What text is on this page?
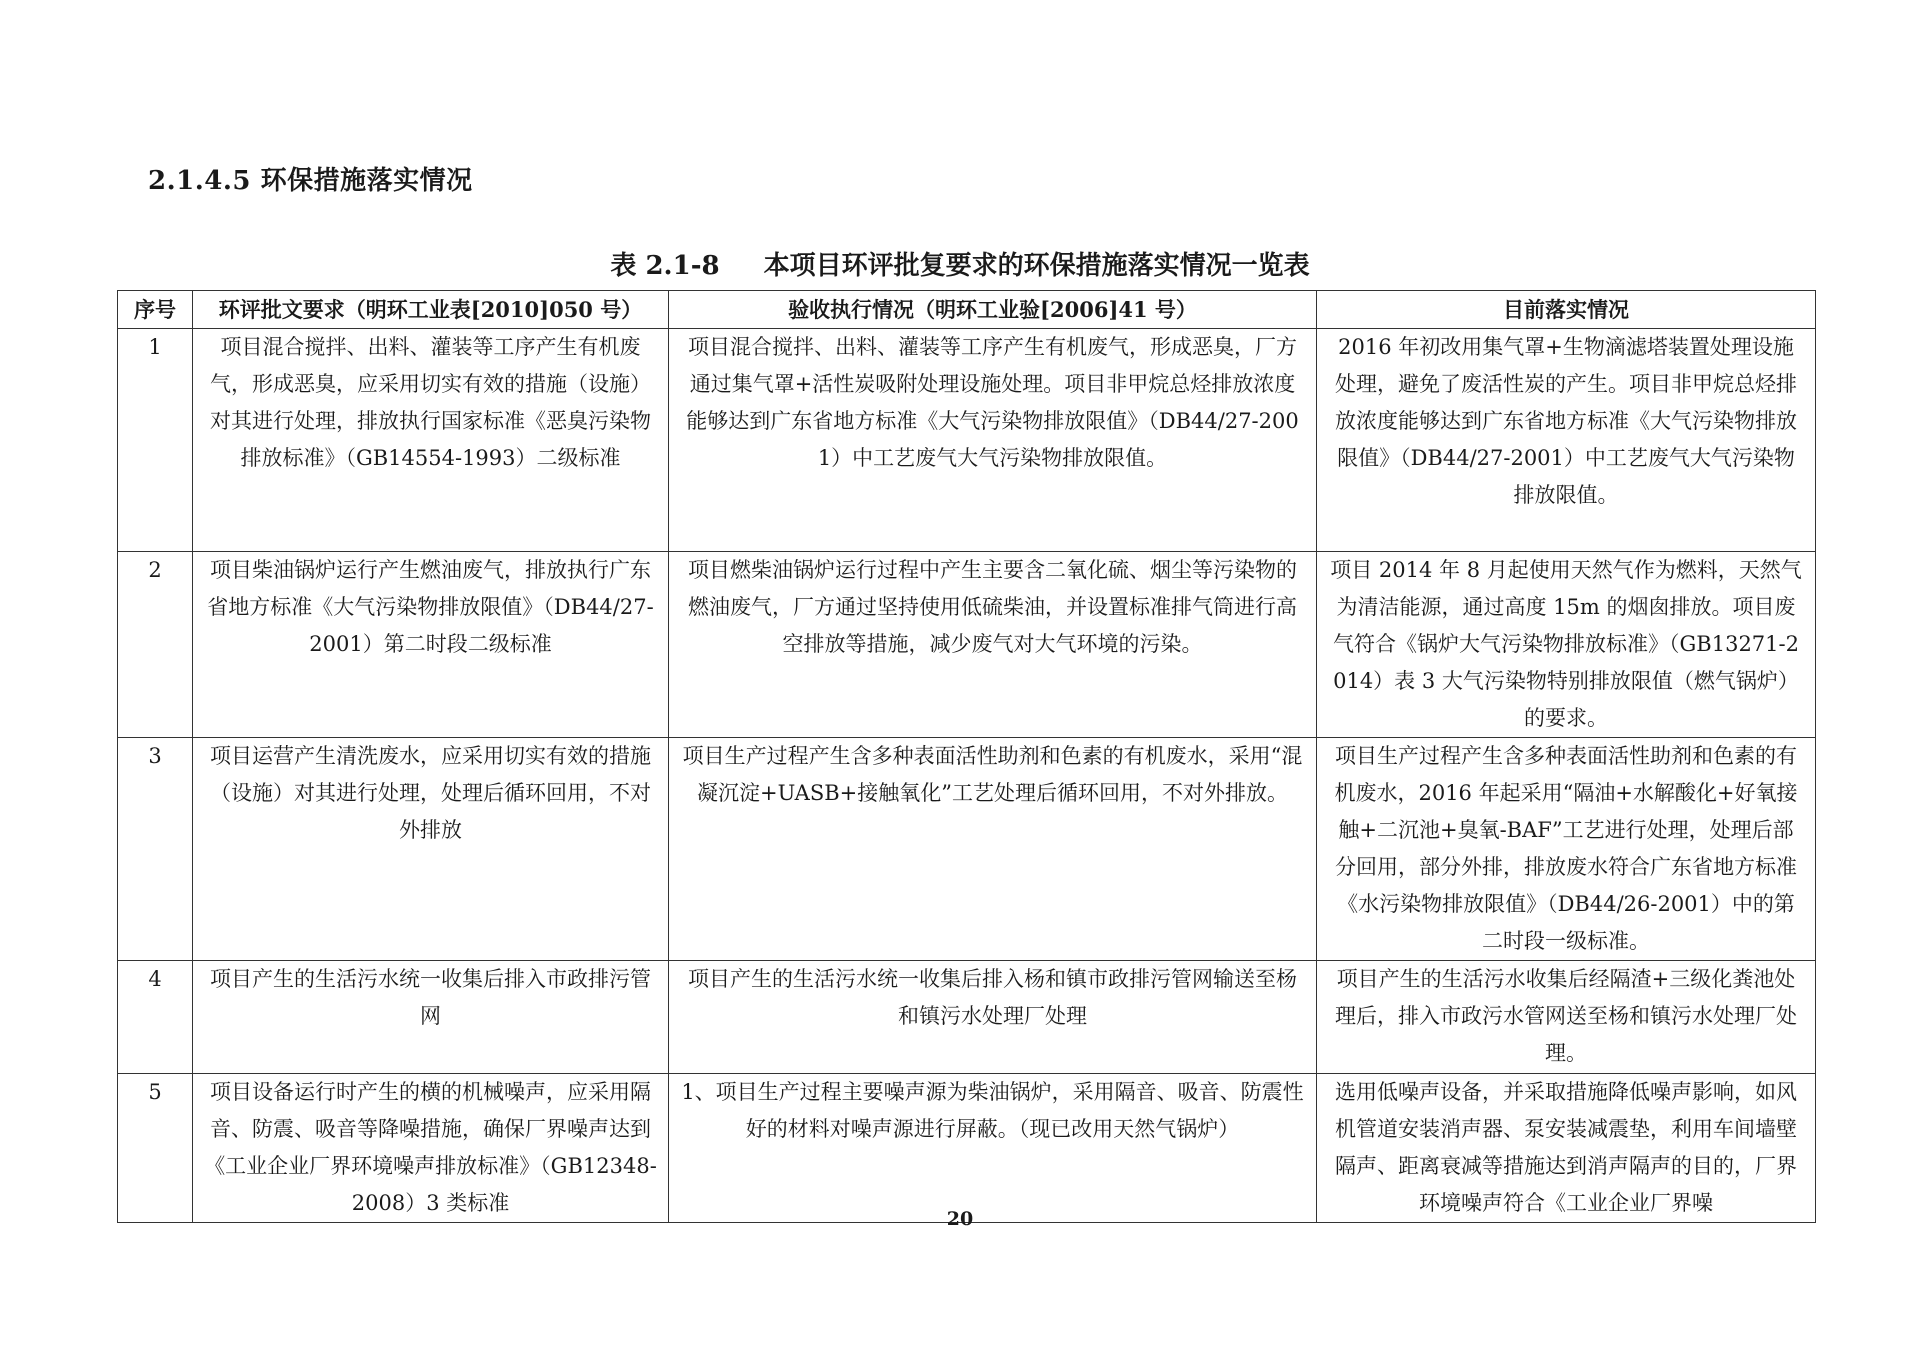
2.1.4.5 环保措施落实情况
表 2.1-8 本项目环评批复要求的环保措施落实情况一览表
序号	环评批文要求（明环工业表[2010]050 号）	验收执行情况（明环工业验[2006]41 号）	目前落实情况
1	项目混合搅拌、出料、灌装等工序产生有机废气，形成恶臭，应采用切实有效的措施（设施）对其进行处理，排放执行国家标准《恶臭污染物排放标准》（GB14554-1993）二级标准	项目混合搅拌、出料、灌装等工序产生有机废气，形成恶臭，厂方通过集气罩+活性炭吸附处理设施处理。项目非甲烷总烃排放浓度能够达到广东省地方标准《大气污染物排放限值》（DB44/27-2001）中工艺废气大气污染物排放限值。	2016 年初改用集气罩+生物滴滤塔装置处理设施处理，避免了废活性炭的产生。项目非甲烷总烃排放浓度能够达到广东省地方标准《大气污染物排放限值》（DB44/27-2001）中工艺废气大气污染物排放限值。
2	项目柴油锅炉运行产生燃油废气，排放执行广东省地方标准《大气污染物排放限值》（DB44/27-2001）第二时段二级标准	项目燃柴油锅炉运行过程中产生主要含二氧化硫、烟尘等污染物的燃油废气，厂方通过坚持使用低硫柴油，并设置标准排气筒进行高空排放等措施，减少废气对大气环境的污染。	项目 2014 年 8 月起使用天然气作为燃料，天然气为清洁能源，通过高度 15m 的烟囱排放。项目废气符合《锅炉大气污染物排放标准》（GB13271-2014）表 3 大气污染物特别排放限值（燃气锅炉）的要求。
3	项目运营产生清洗废水，应采用切实有效的措施（设施）对其进行处理，处理后循环回用，不对外排放	项目生产过程产生含多种表面活性助剂和色素的有机废水，采用“混凝沉淀+UASB+接触氧化”工艺处理后循环回用，不对外排放。	项目生产过程产生含多种表面活性助剂和色素的有机废水，2016 年起采用“隔油+水解酸化+好氧接触+二沉池+臭氧-BAF”工艺进行处理，处理后部分回用，部分外排，排放废水符合广东省地方标准《水污染物排放限值》（DB44/26-2001）中的第二时段一级标准。
4	项目产生的生活污水统一收集后排入市政排污管网	项目产生的生活污水统一收集后排入杨和镇市政排污管网输送至杨和镇污水处理厂处理	项目产生的生活污水收集后经隔渣+三级化粪池处理后，排入市政污水管网送至杨和镇污水处理厂处理。
5	项目设备运行时产生的横的机械噪声，应采用隔音、防震、吸音等降噪措施，确保厂界噪声达到《工业企业厂界环境噪声排放标准》（GB12348-2008）3 类标准	1、项目生产过程主要噪声源为柴油锅炉，采用隔音、吸音、防震性好的材料对噪声源进行屏蔽。（现已改用天然气锅炉）	选用低噪声设备，并采取措施降低噪声影响，如风机管道安装消声器、泵安装减震垫，利用车间墙壁隔声、距离衰减等措施达到消声隔声的目的，厂界环境噪声符合《工业企业厂界噪
20
